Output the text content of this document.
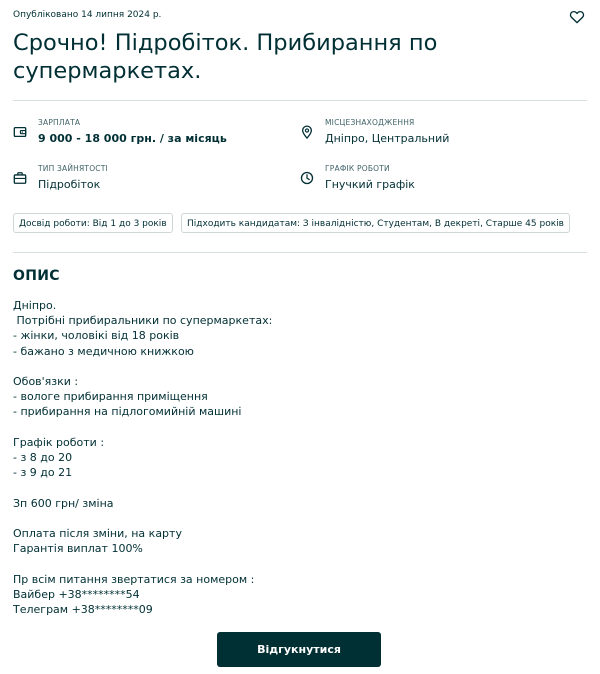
Опубліковано 14 липня 2024 р.
Срочно! Підробіток. Прибирання по супермаркетах.
ЗАРПЛАТА
9 000 - 18 000 грн. / за місяць
МІСЦЕЗНАХОДЖЕННЯ
Дніпро, Центральний
ТИП ЗАЙНЯТОСТІ
Підробіток
ГРАФІК РОБОТИ
Гнучкий графік
Досвід роботи: Від 1 до 3 років	Підходить кандидатам: З інвалідністю, Студентам, В декреті, Старше 45 років
ОПИС
Дніпро.
Потрібні прибиральники по супермаркетах:
- жінки, чоловікі від 18 років
- бажано з медичною книжкою

Обов'язки :
- вологе прибирання приміщення
- прибирання на підлогомийній машині

Графік роботи :
- з 8 до 20
- з 9 до 21

Зп 600 грн/ зміна

Оплата після зміни, на карту
Гарантія виплат 100%

Пр всім питання звертатися за номером :
Вайбер +38********54
Телеграм +38********09
Відгукнутися
